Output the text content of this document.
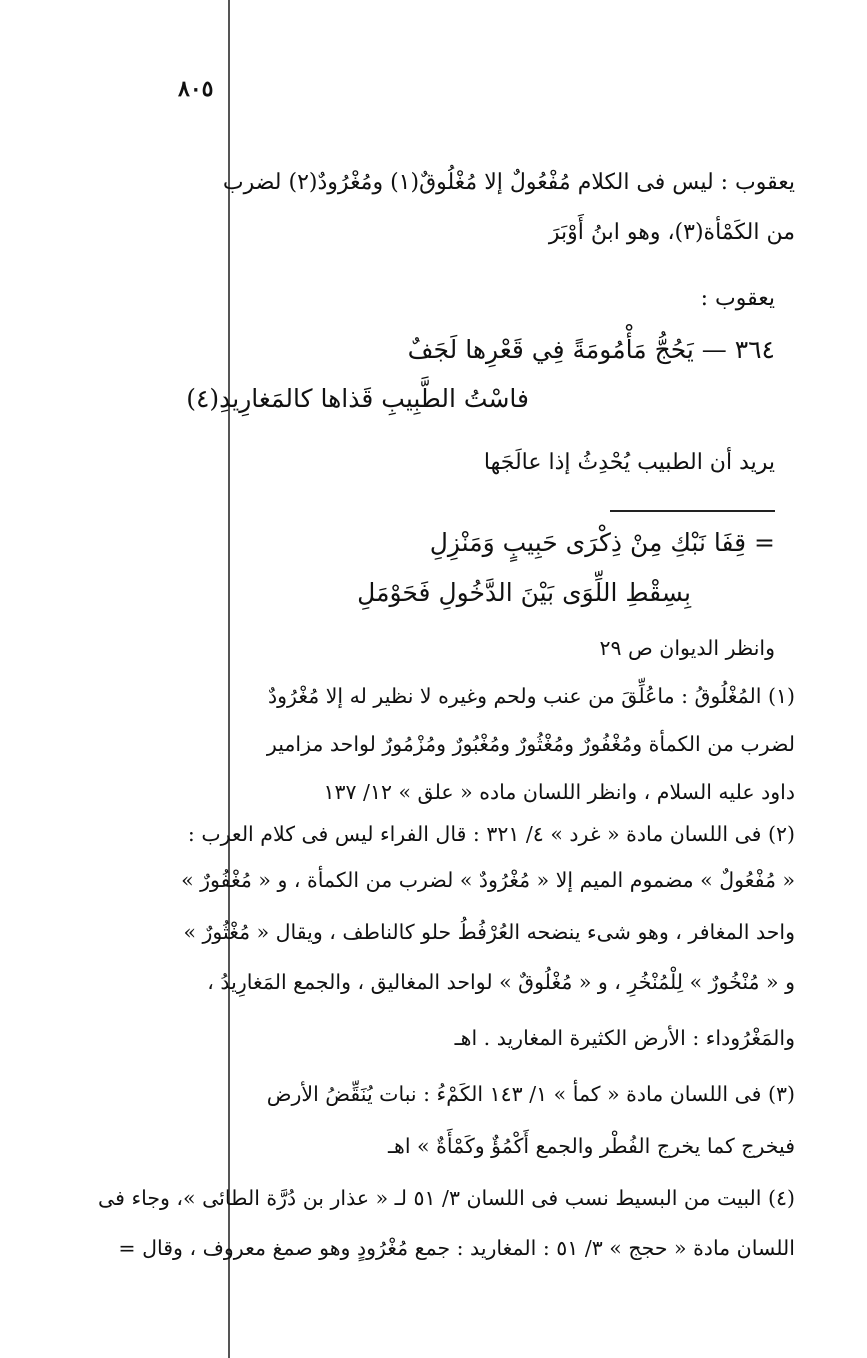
٨٠٥
يعقوب : ليس فى الكلام مُفْعُولٌ إلا مُغْلُوقٌ(١) ومُغْرُودٌ(٢) لضرب
من الكَمْأة(٣)، وهو ابنُ أَوْبَرَ
يعقوب :
٣٦٤ — يَحُجُّ مَأْمُومَةً فِي قَعْرِها لَجَفٌ
فاسْتُ الطَّبِيبِ قَذاها كالمَغارِيدِ(٤)
يريد أن الطبيب يُحْدِثُ إذا عالَجَها
= قِفَا نَبْكِ مِنْ ذِكْرَى حَبِيبٍ وَمَنْزِلِ
بِسِقْطِ اللِّوَى بَيْنَ الدَّخُولِ فَحَوْمَلِ
وانظر الديوان ص ٢٩
(١) المُغْلُوقُ : ماعُلِّقَ من عنب ولحم وغيره لا نظير له إلا مُغْرُودٌ
لضرب من الكمأة ومُغْفُورٌ ومُغْثُورٌ ومُغْبُورٌ ومُزْمُورٌ لواحد مزامير
داود عليه السلام ، وانظر اللسان ماده « علق » ١٢/ ١٣٧
(٢) فى اللسان مادة « غرد » ٤/ ٣٢١ : قال الفراء ليس فى كلام العرب :
« مُفْعُولٌ » مضموم الميم إلا « مُغْرُودٌ » لضرب من الكمأة ، و « مُغْفُورٌ »
واحد المغافر ، وهو شىء ينضحه العُرْفُطُ حلو كالناطف ، ويقال « مُغْثُورٌ »
و « مُنْخُورٌ » لِلْمُنْخُرِ ، و « مُغْلُوقٌ » لواحد المغاليق ، والجمع المَغارِيدُ ،
والمَغْرُوداء : الأرض الكثيرة المغاريد . اهـ
(٣) فى اللسان مادة « كمأ » ١/ ١٤٣ الكَمْءُ : نبات يُنَقِّضُ الأرض
فيخرج كما يخرج الفُطْر والجمع أَكْمُؤٌ وكَمْأَةٌ » اهـ
(٤) البيت من البسيط نسب فى اللسان ٣/ ٥١ لـ « عذار بن دُرَّة الطائى »، وجاء فى
اللسان مادة « حجج » ٣/ ٥١ : المغاريد : جمع مُغْرُودٍ وهو صمغ معروف ، وقال =
